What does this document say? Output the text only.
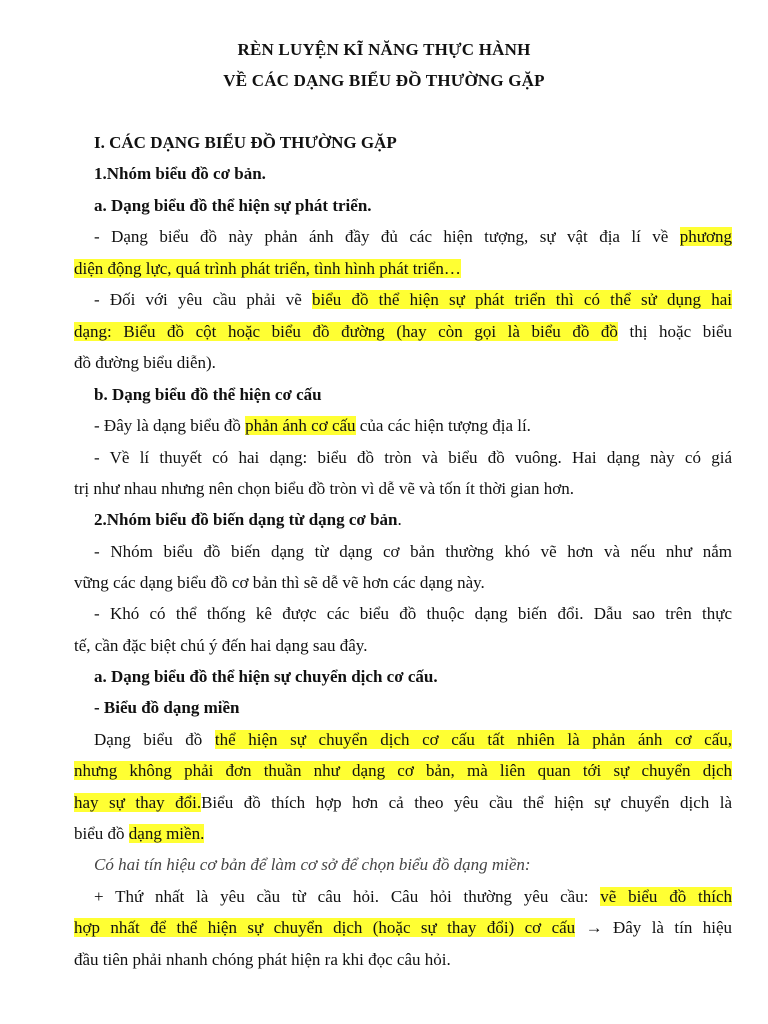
RÈN LUYỆN KĨ NĂNG THỰC HÀNH
VỀ CÁC DẠNG BIỂU ĐỒ THƯỜNG GẶP
I. CÁC DẠNG BIỂU ĐỒ THƯỜNG GẶP
1.Nhóm biểu đồ cơ bản.
a. Dạng biểu đồ thể hiện sự phát triển.
- Dạng biểu đồ này phản ánh đầy đủ các hiện tượng, sự vật địa lí về phương
diện động lực, quá trình phát triển, tình hình phát triển…
- Đối với yêu cầu phải vẽ biểu đồ thể hiện sự phát triển thì có thể sử dụng hai
dạng: Biểu đồ cột hoặc biểu đồ đường (hay còn gọi là biểu đồ đồ thị hoặc biểu
đồ đường biểu diễn).
b. Dạng biểu đồ thể hiện cơ cấu
- Đây là dạng biểu đồ phản ánh cơ cấu của các hiện tượng địa lí.
- Về lí thuyết có hai dạng: biểu đồ tròn và biểu đồ vuông. Hai dạng này có giá
trị như nhau nhưng nên chọn biểu đồ tròn vì dễ vẽ và tốn ít thời gian hơn.
2.Nhóm biểu đồ biến dạng từ dạng cơ bản.
- Nhóm biểu đồ biến dạng từ dạng cơ bản thường khó vẽ hơn và nếu như nắm
vững các dạng biểu đồ cơ bản thì sẽ dễ vẽ hơn các dạng này.
- Khó có thể thống kê được các biểu đồ thuộc dạng biến đổi. Dẫu sao trên thực
tế, cần đặc biệt chú ý đến hai dạng sau đây.
a. Dạng biểu đồ thể hiện sự chuyển dịch cơ cấu.
- Biểu đồ dạng miền
Dạng biểu đồ thể hiện sự chuyển dịch cơ cấu tất nhiên là phản ánh cơ cấu,
nhưng không phải đơn thuần như dạng cơ bản, mà liên quan tới sự chuyển dịch
hay sự thay đổi.Biểu đồ thích hợp hơn cả theo yêu cầu thể hiện sự chuyển dịch là
biểu đồ dạng miền.
Có hai tín hiệu cơ bản để làm cơ sở để chọn biểu đồ dạng miền:
+ Thứ nhất là yêu cầu từ câu hỏi. Câu hỏi thường yêu cầu: vẽ biểu đồ thích
hợp nhất để thể hiện sự chuyển dịch (hoặc sự thay đổi) cơ cấu → Đây là tín hiệu
đầu tiên phải nhanh chóng phát hiện ra khi đọc câu hỏi.
